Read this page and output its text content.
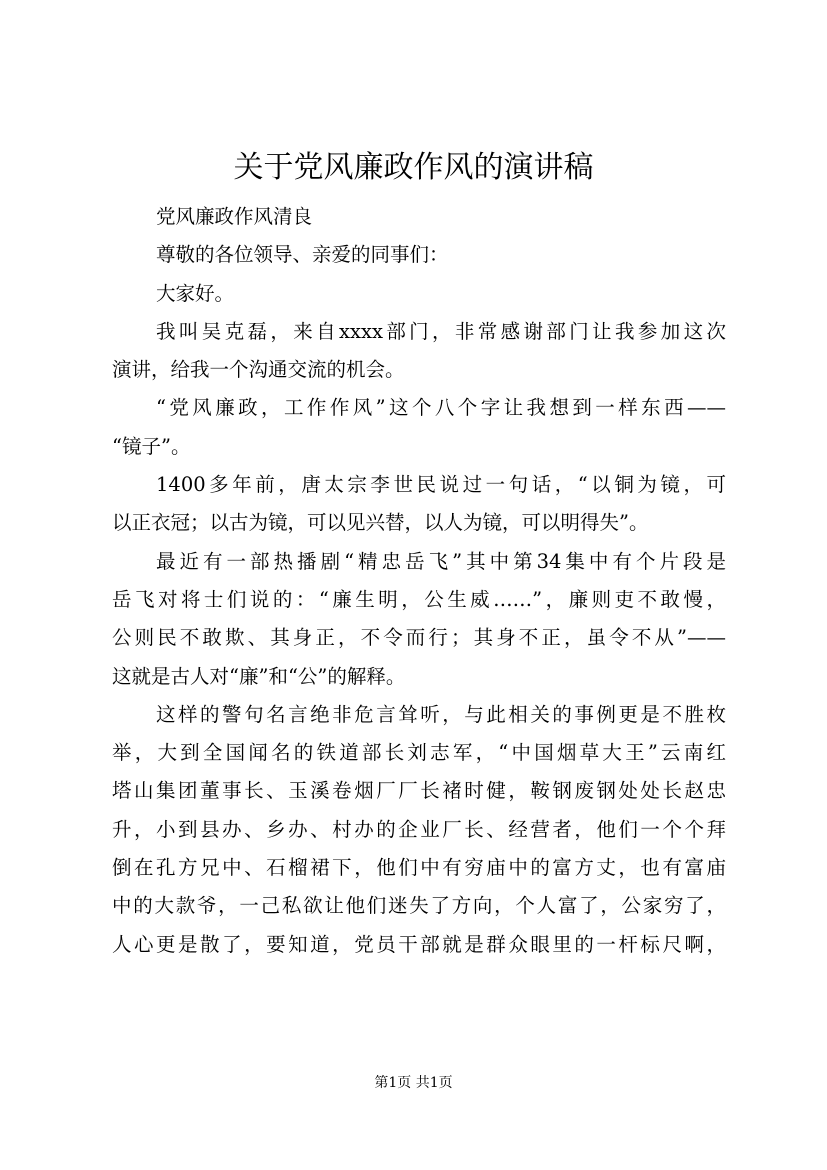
关于党风廉政作风的演讲稿
党风廉政作风清良
尊敬的各位领导、亲爱的同事们：
大家好。
我叫吴克磊，来自xxxx部门，非常感谢部门让我参加这次
演讲，给我一个沟通交流的机会。
“党风廉政，工作作风”这个八个字让我想到一样东西——
“镜子”。
1400多年前，唐太宗李世民说过一句话，“以铜为镜，可
以正衣冠；以古为镜，可以见兴替，以人为镜，可以明得失”。
最近有一部热播剧“精忠岳飞”其中第34集中有个片段是
岳飞对将士们说的：“廉生明，公生威……”，廉则吏不敢慢，
公则民不敢欺、其身正，不令而行；其身不正，虽令不从”——
这就是古人对“廉”和“公”的解释。
这样的警句名言绝非危言耸听，与此相关的事例更是不胜枚
举，大到全国闻名的铁道部长刘志军，“中国烟草大王”云南红
塔山集团董事长、玉溪卷烟厂厂长褚时健，鞍钢废钢处处长赵忠
升，小到县办、乡办、村办的企业厂长、经营者，他们一个个拜
倒在孔方兄中、石榴裙下，他们中有穷庙中的富方丈，也有富庙
中的大款爷，一己私欲让他们迷失了方向，个人富了，公家穷了，
人心更是散了，要知道，党员干部就是群众眼里的一杆标尺啊，
第1页 共1页
